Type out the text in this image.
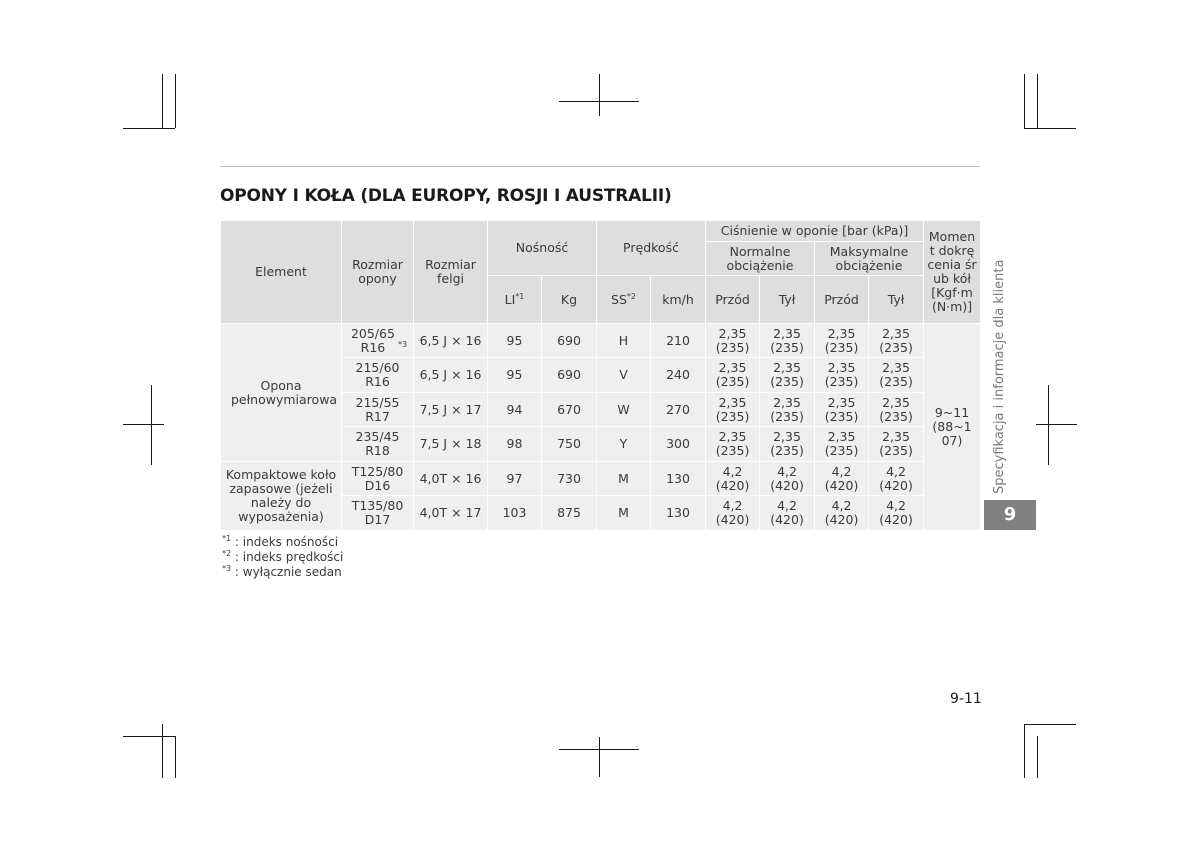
OPONY I KOŁA (DLA EUROPY, ROSJI I AUSTRALII)
Element	Rozmiar opony	Rozmiar felgi	Nośność		Prędkość		Ciśnienie w oponie [bar (kPa)]				Moment dokręcenia śrub kół [Kgf·m (N·m)]
							Normalne obciążenie		Maksymalne obciążenie		
			LI$^{*1}$	Kg	SS$^{*2}$	km/h	Przód	Tył	Przód	Tył	
Opona pełnowymiarowa	205/65 R16 $^{*3}$	6,5 J × 16	95	690	H	210	2,35 (235)	2,35 (235)	2,35 (235)	2,35 (235)	9~11 (88~107)
	215/60 R16	6,5 J × 16	95	690	V	240	2,35 (235)	2,35 (235)	2,35 (235)	2,35 (235)	
	215/55 R17	7,5 J × 17	94	670	W	270	2,35 (235)	2,35 (235)	2,35 (235)	2,35 (235)	
	235/45 R18	7,5 J × 18	98	750	Y	300	2,35 (235)	2,35 (235)	2,35 (235)	2,35 (235)	
Kompaktowe koło zapasowe (jeżeli należy do wyposażenia)	T125/80 D16	4,0T × 16	97	730	M	130	4,2 (420)	4,2 (420)	4,2 (420)	4,2 (420)	
	T135/80 D17	4,0T × 17	103	875	M	130	4,2 (420)	4,2 (420)	4,2 (420)	4,2 (420)	
$^{*1}$ : indeks nośności
$^{*2}$ : indeks prędkości
$^{*3}$ : wyłącznie sedan
Specyfikacja i informacje dla klienta
9
9-11
